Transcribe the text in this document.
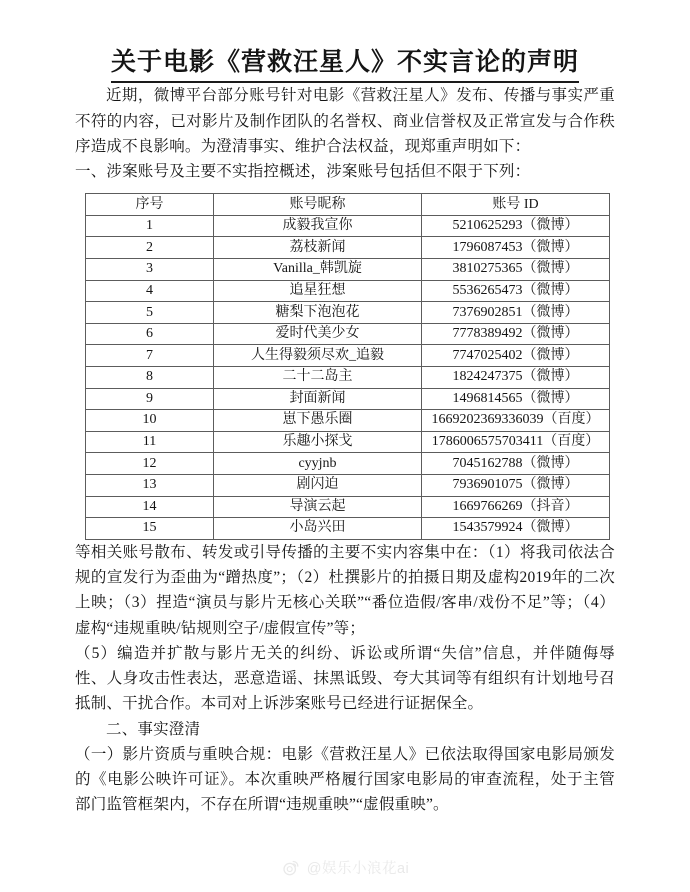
关于电影《营救汪星人》不实言论的声明

近期，微博平台部分账号针对电影《营救汪星人》发布、传播与事实严重不符的内容，已对影片及制作团队的名誉权、商业信誉权及正常宣发与合作秩序造成不良影响。为澄清事实、维护合法权益，现郑重声明如下：

一、涉案账号及主要不实指控概述，涉案账号包括但不限于下列：

序号	账号昵称	账号 ID
1	成毅我宣你	5210625293（微博）
2	荔枝新闻	1796087453（微博）
3	Vanilla_韩凯旋	3810275365（微博）
4	追星狂想	5536265473（微博）
5	糖梨下泡泡花	7376902851（微博）
6	爱时代美少女	7778389492（微博）
7	人生得毅须尽欢_追毅	7747025402（微博）
8	二十二岛主	1824247375（微博）
9	封面新闻	1496814565（微博）
10	崽下愚乐圈	1669202369336039（百度）
11	乐趣小探戈	1786006575703411（百度）
12	cyyjnb	7045162788（微博）
13	剧闪迫	7936901075（微博）
14	导演云起	1669766269（抖音）
15	小岛兴田	1543579924（微博）

等相关账号散布、转发或引导传播的主要不实内容集中在：（1）将我司依法合规的宣发行为歪曲为“蹭热度”；（2）杜撰影片的拍摄日期及虚构2019年的二次上映；（3）捏造“演员与影片无核心关联”“番位造假/客串/戏份不足”等；（4）虚构“违规重映/钻规则空子/虚假宣传”等；

（5）编造并扩散与影片无关的纠纷、诉讼或所谓“失信”信息，并伴随侮辱性、人身攻击性表达，恶意造谣、抹黑诋毁、夸大其词等有组织有计划地号召抵制、干扰合作。本司对上诉涉案账号已经进行证据保全。

二、事实澄清

（一）影片资质与重映合规：电影《营救汪星人》已依法取得国家电影局颁发的《电影公映许可证》。本次重映严格履行国家电影局的审查流程，处于主管部门监管框架内，不存在所谓“违规重映”“虚假重映”。

@娱乐小浪花ai
